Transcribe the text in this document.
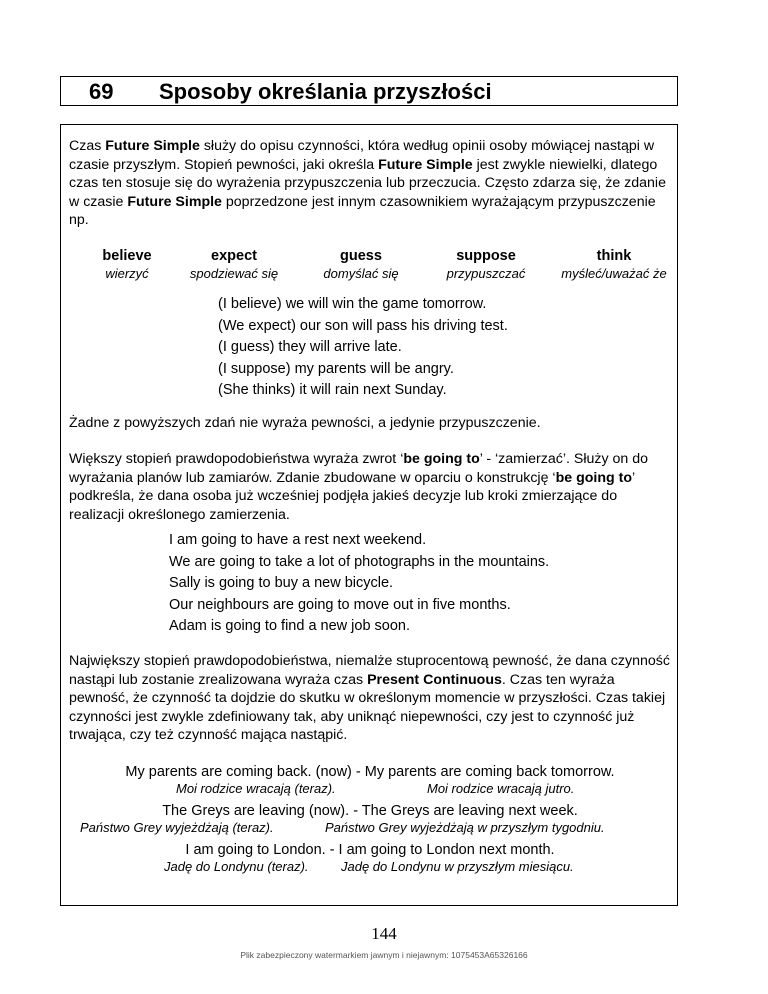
69 Sposoby określania przyszłości

Czas Future Simple służy do opisu czynności, która według opinii osoby mówiącej nastąpi w czasie przyszłym. Stopień pewności, jaki określa Future Simple jest zwykle niewielki, dlatego czas ten stosuje się do wyrażenia przypuszczenia lub przeczucia. Często zdarza się, że zdanie w czasie Future Simple poprzedzone jest innym czasownikiem wyrażającym przypuszczenie np.

believe
wierzyć
expect
spodziewać się
guess
domyślać się
suppose
przypuszczać
think
myśleć/uważać że
(I believe) we will win the game tomorrow.
(We expect) our son will pass his driving test.
(I guess) they will arrive late.
(I suppose) my parents will be angry.
(She thinks) it will rain next Sunday.

Żadne z powyższych zdań nie wyraża pewności, a jedynie przypuszczenie.

Większy stopień prawdopodobieństwa wyraża zwrot ‘be going to’ - ‘zamierzać’. Służy on do wyrażania planów lub zamiarów. Zdanie zbudowane w oparciu o konstrukcję ‘be going to’ podkreśla, że dana osoba już wcześniej podjęła jakieś decyzje lub kroki zmierzające do realizacji określonego zamierzenia.

I am going to have a rest next weekend.
We are going to take a lot of photographs in the mountains.
Sally is going to buy a new bicycle.
Our neighbours are going to move out in five months.
Adam is going to find a new job soon.

Największy stopień prawdopodobieństwa, niemalże stuprocentową pewność, że dana czynność nastąpi lub zostanie zrealizowana wyraża czas Present Continuous. Czas ten wyraża pewność, że czynność ta dojdzie do skutku w określonym momencie w przyszłości. Czas takiej czynności jest zwykle zdefiniowany tak, aby uniknąć niepewności, czy jest to czynność już trwająca, czy też czynność mająca nastąpić.

My parents are coming back. (now) - My parents are coming back tomorrow.
Moi rodzice wracają (teraz).	Moi rodzice wracają jutro.
The Greys are leaving (now). - The Greys are leaving next week.
Państwo Grey wyjeżdżają (teraz).	Państwo Grey wyjeżdżają w przyszłym tygodniu.
I am going to London. - I am going to London next month.
Jadę do Londynu (teraz). Jadę do Londynu w przyszłym miesiącu.
144
Plik zabezpieczony watermarkiem jawnym i niejawnym: 1075453A65326166
